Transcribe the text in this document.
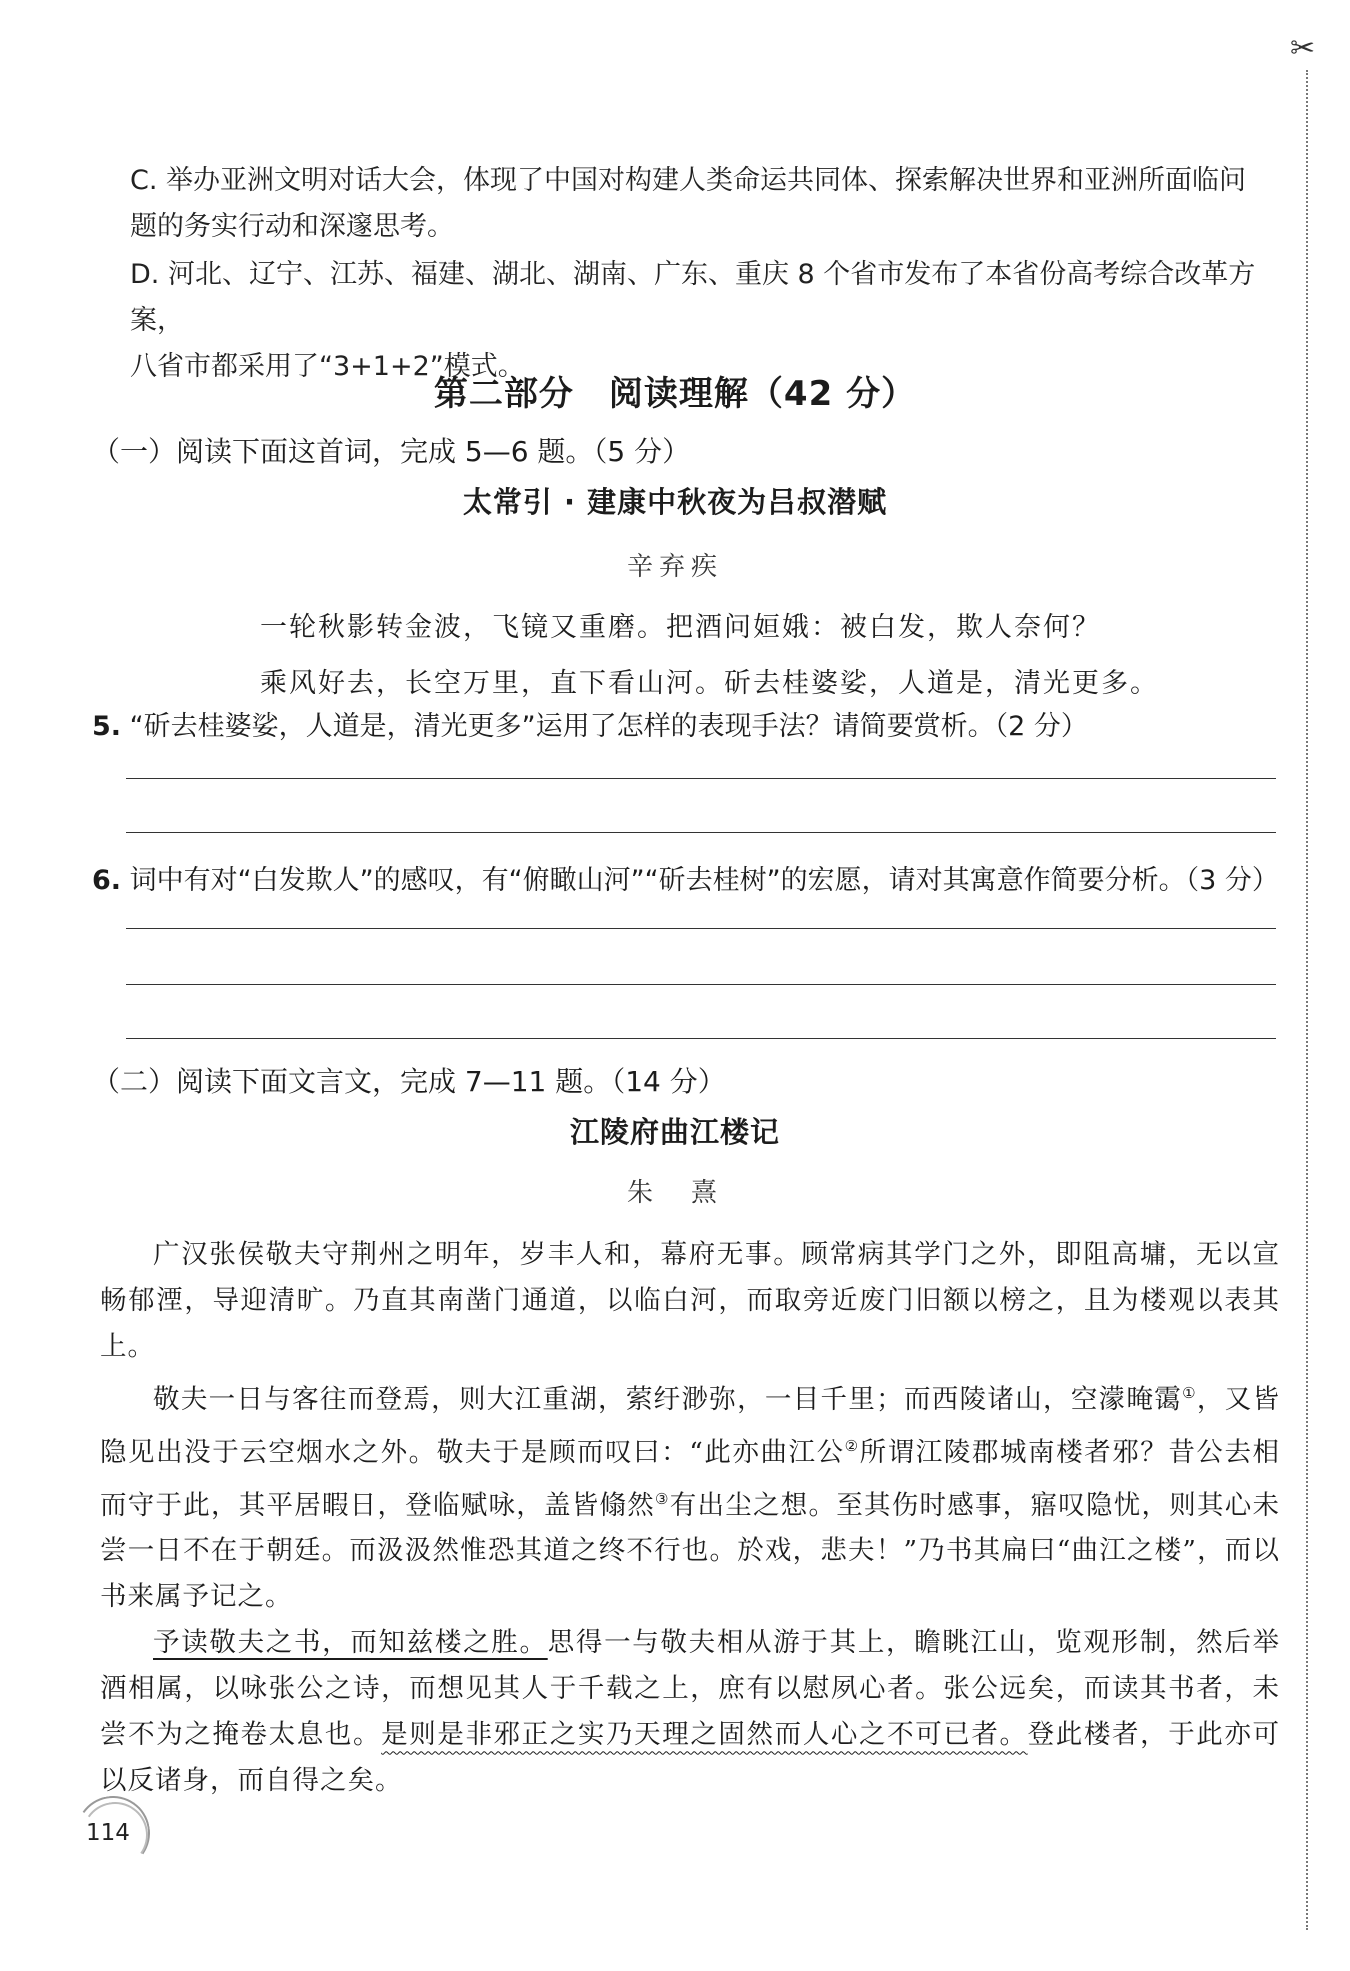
✂

C. 举办亚洲文明对话大会，体现了中国对构建人类命运共同体、探索解决世界和亚洲所面临问

题的务实行动和深邃思考。

D. 河北、辽宁、江苏、福建、湖北、湖南、广东、重庆 8 个省市发布了本省份高考综合改革方案，

八省市都采用了“3+1+2”模式。

第二部分　阅读理解（42 分）
（一）阅读下面这首词，完成 5—6 题。（5 分）
太常引 · 建康中秋夜为吕叔潜赋
辛弃疾

一轮秋影转金波，飞镜又重磨。把酒问姮娥：被白发，欺人奈何？

乘风好去，长空万里，直下看山河。斫去桂婆娑，人道是，清光更多。

5. “斫去桂婆娑，人道是，清光更多”运用了怎样的表现手法？请简要赏析。（2 分）
6. 词中有对“白发欺人”的感叹，有“俯瞰山河”“斫去桂树”的宏愿，请对其寓意作简要分析。（3 分）
（二）阅读下面文言文，完成 7—11 题。（14 分）
江陵府曲江楼记
朱　熹

广汉张侯敬夫守荆州之明年，岁丰人和，幕府无事。顾常病其学门之外，即阻高墉，无以宣畅郁湮，导迎清旷。乃直其南凿门通道，以临白河，而取旁近废门旧额以榜之，且为楼观以表其上。

敬夫一日与客往而登焉，则大江重湖，萦纡渺弥，一目千里；而西陵诸山，空濛晻霭①，又皆隐见出没于云空烟水之外。敬夫于是顾而叹曰：“此亦曲江公②所谓江陵郡城南楼者邪？昔公去相而守于此，其平居暇日，登临赋咏，盖皆翛然③有出尘之想。至其伤时感事，寤叹隐忧，则其心未尝一日不在于朝廷。而汲汲然惟恐其道之终不行也。於戏，悲夫！”乃书其扁曰“曲江之楼”，而以书来属予记之。

予读敬夫之书，而知兹楼之胜。思得一与敬夫相从游于其上，瞻眺江山，览观形制，然后举酒相属，以咏张公之诗，而想见其人于千载之上，庶有以慰夙心者。张公远矣，而读其书者，未尝不为之掩卷太息也。是则是非邪正之实乃天理之固然而人心之不可已者。登此楼者，于此亦可以反诸身，而自得之矣。

114
